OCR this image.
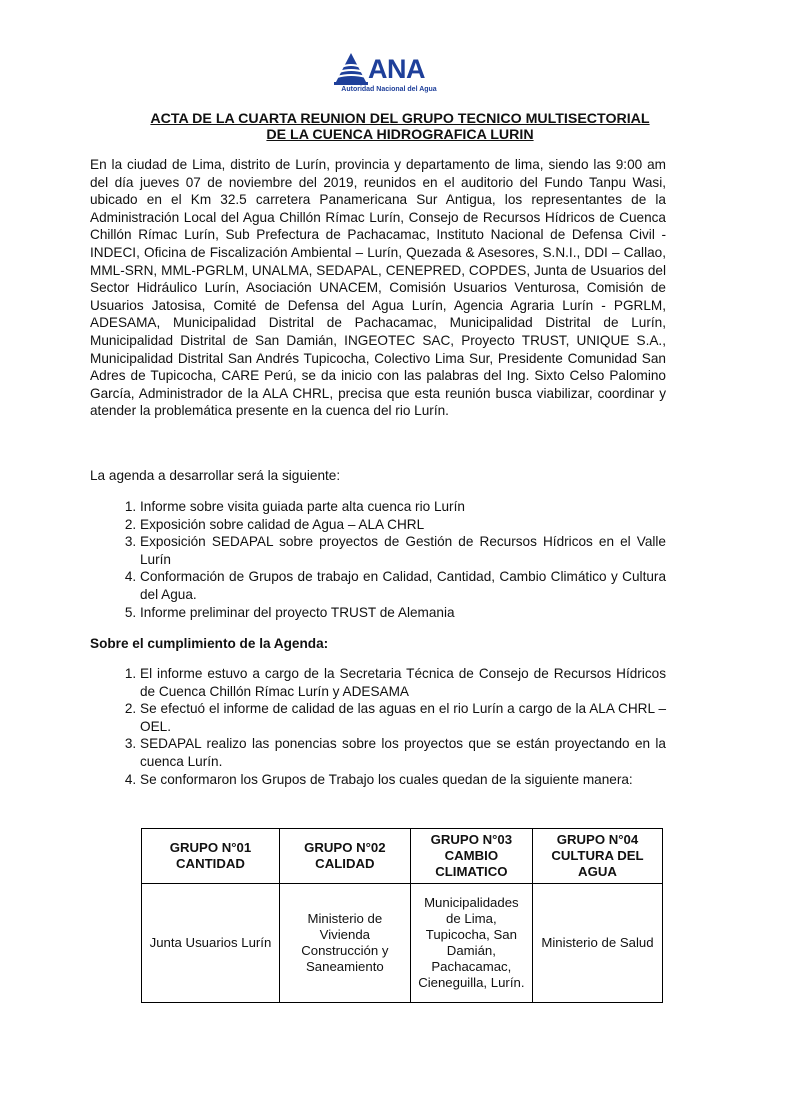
ANA
Autoridad Nacional del Agua
ACTA DE LA CUARTA REUNION DEL GRUPO TECNICO MULTISECTORIAL
DE LA CUENCA HIDROGRAFICA LURIN

En la ciudad de Lima, distrito de Lurín, provincia y departamento de lima, siendo las 9:00 am del día jueves 07 de noviembre del 2019, reunidos en el auditorio del Fundo Tanpu Wasi, ubicado en el Km 32.5 carretera Panamericana Sur Antigua, los representantes de la Administración Local del Agua Chillón Rímac Lurín, Consejo de Recursos Hídricos de Cuenca Chillón Rímac Lurín, Sub Prefectura de Pachacamac, Instituto Nacional de Defensa Civil - INDECI, Oficina de Fiscalización Ambiental – Lurín, Quezada & Asesores, S.N.I., DDI – Callao, MML-SRN, MML-PGRLM, UNALMA, SEDAPAL, CENEPRED, COPDES, Junta de Usuarios del Sector Hidráulico Lurín, Asociación UNACEM, Comisión Usuarios Venturosa, Comisión de Usuarios Jatosisa, Comité de Defensa del Agua Lurín, Agencia Agraria Lurín - PGRLM, ADESAMA, Municipalidad Distrital de Pachacamac, Municipalidad Distrital de Lurín, Municipalidad Distrital de San Damián, INGEOTEC SAC, Proyecto TRUST, UNIQUE S.A., Municipalidad Distrital San Andrés Tupicocha, Colectivo Lima Sur, Presidente Comunidad San Adres de Tupicocha, CARE Perú, se da inicio con las palabras del Ing. Sixto Celso Palomino García, Administrador de la ALA CHRL, precisa que esta reunión busca viabilizar, coordinar y atender la problemática presente en la cuenca del rio Lurín.

La agenda a desarrollar será la siguiente:

1. Informe sobre visita guiada parte alta cuenca rio Lurín
2. Exposición sobre calidad de Agua – ALA CHRL
3. Exposición SEDAPAL sobre proyectos de Gestión de Recursos Hídricos en el Valle Lurín
4. Conformación de Grupos de trabajo en Calidad, Cantidad, Cambio Climático y Cultura del Agua.
5. Informe preliminar del proyecto TRUST de Alemania
Sobre el cumplimiento de la Agenda:
1. El informe estuvo a cargo de la Secretaria Técnica de Consejo de Recursos Hídricos de Cuenca Chillón Rímac Lurín y ADESAMA
2. Se efectuó el informe de calidad de las aguas en el rio Lurín a cargo de la ALA CHRL – OEL.
3. SEDAPAL realizo las ponencias sobre los proyectos que se están proyectando en la cuenca Lurín.
4. Se conformaron los Grupos de Trabajo los cuales quedan de la siguiente manera:
GRUPO N°01 CANTIDAD	GRUPO N°02 CALIDAD	GRUPO N°03 CAMBIO CLIMATICO	GRUPO N°04 CULTURA DEL AGUA
Junta Usuarios Lurín	Ministerio de Vivienda Construcción y Saneamiento	Municipalidades de Lima, Tupicocha, San Damián, Pachacamac, Cieneguilla, Lurín.	Ministerio de Salud
